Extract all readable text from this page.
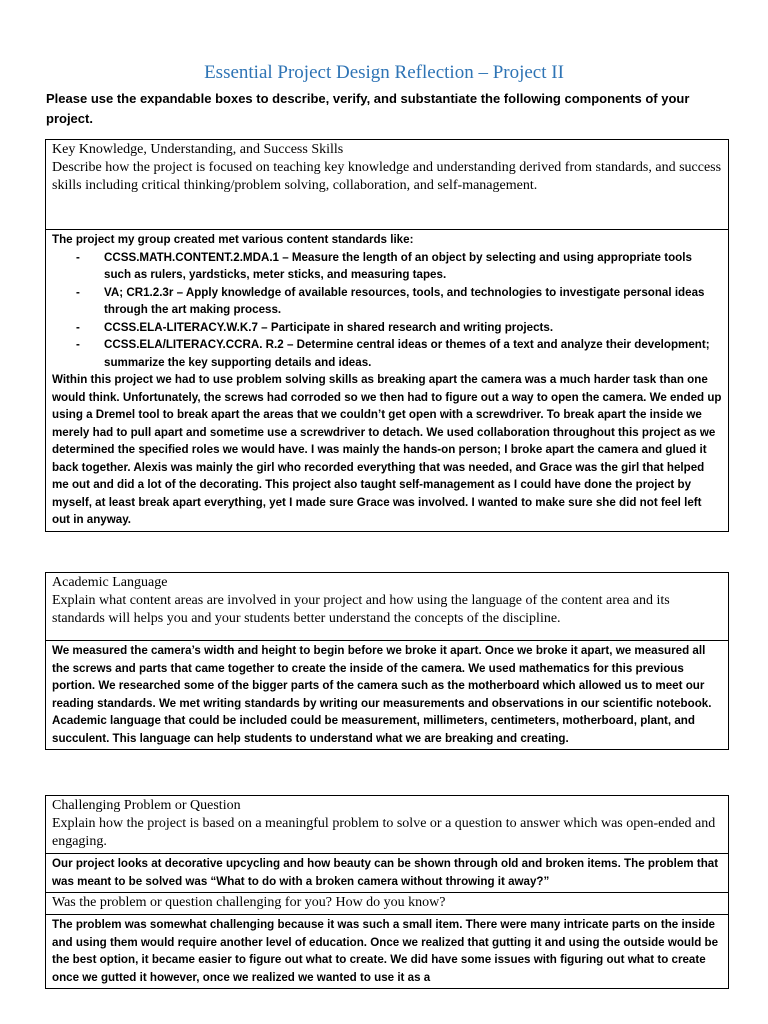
Essential Project Design Reflection – Project II
Please use the expandable boxes to describe, verify, and substantiate the following components of your project.
Key Knowledge, Understanding, and Success Skills
Describe how the project is focused on teaching key knowledge and understanding derived from standards, and success skills including critical thinking/problem solving, collaboration, and self-management.

The project my group created met various content standards like:
- CCSS.MATH.CONTENT.2.MDA.1 – Measure the length of an object by selecting and using appropriate tools such as rulers, yardsticks, meter sticks, and measuring tapes.
- VA; CR1.2.3r – Apply knowledge of available resources, tools, and technologies to investigate personal ideas through the art making process.
- CCSS.ELA-LITERACY.W.K.7 – Participate in shared research and writing projects.
- CCSS.ELA/LITERACY.CCRA. R.2 – Determine central ideas or themes of a text and analyze their development; summarize the key supporting details and ideas.
Within this project we had to use problem solving skills as breaking apart the camera was a much harder task than one would think. Unfortunately, the screws had corroded so we then had to figure out a way to open the camera. We ended up using a Dremel tool to break apart the areas that we couldn’t get open with a screwdriver. To break apart the inside we merely had to pull apart and sometime use a screwdriver to detach. We used collaboration throughout this project as we determined the specified roles we would have. I was mainly the hands-on person; I broke apart the camera and glued it back together. Alexis was mainly the girl who recorded everything that was needed, and Grace was the girl that helped me out and did a lot of the decorating. This project also taught self-management as I could have done the project by myself, at least break apart everything, yet I made sure Grace was involved. I wanted to make sure she did not feel left out in anyway.
Academic Language
Explain what content areas are involved in your project and how using the language of the content area and its standards will helps you and your students better understand the concepts of the discipline.

We measured the camera’s width and height to begin before we broke it apart. Once we broke it apart, we measured all the screws and parts that came together to create the inside of the camera. We used mathematics for this previous portion. We researched some of the bigger parts of the camera such as the motherboard which allowed us to meet our reading standards. We met writing standards by writing our measurements and observations in our scientific notebook. Academic language that could be included could be measurement, millimeters, centimeters, motherboard, plant, and succulent. This language can help students to understand what we are breaking and creating.
Challenging Problem or Question
Explain how the project is based on a meaningful problem to solve or a question to answer which was open-ended and engaging.

Our project looks at decorative upcycling and how beauty can be shown through old and broken items. The problem that was meant to be solved was “What to do with a broken camera without throwing it away?”

Was the problem or question challenging for you? How do you know?

The problem was somewhat challenging because it was such a small item. There were many intricate parts on the inside and using them would require another level of education. Once we realized that gutting it and using the outside would be the best option, it became easier to figure out what to create. We did have some issues with figuring out what to create once we gutted it however, once we realized we wanted to use it as a
